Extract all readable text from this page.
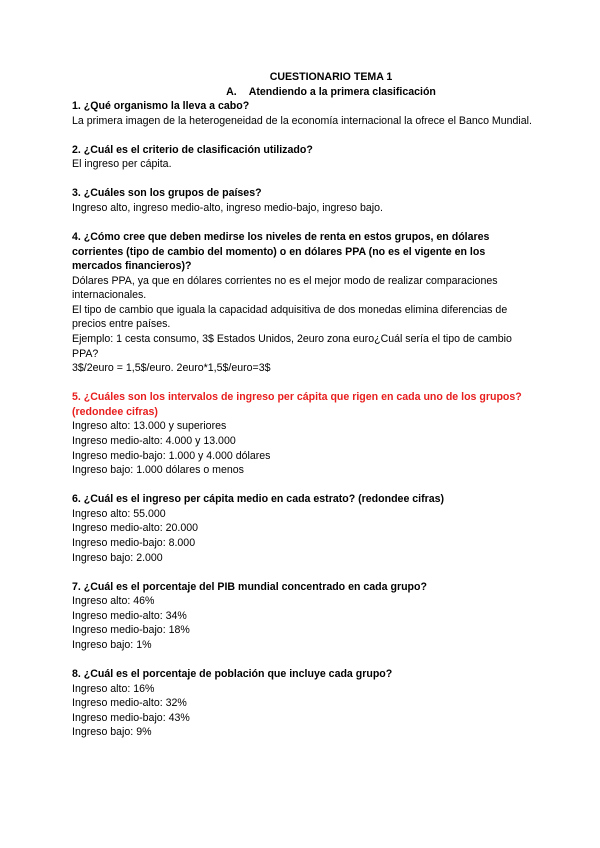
CUESTIONARIO TEMA 1
A. Atendiendo a la primera clasificación

1. ¿Qué organismo la lleva a cabo?

La primera imagen de la heterogeneidad de la economía internacional la ofrece el Banco Mundial.

2. ¿Cuál es el criterio de clasificación utilizado?

El ingreso per cápita.

3. ¿Cuáles son los grupos de países?

Ingreso alto, ingreso medio-alto, ingreso medio-bajo, ingreso bajo.

4. ¿Cómo cree que deben medirse los niveles de renta en estos grupos, en dólares corrientes (tipo de cambio del momento) o en dólares PPA (no es el vigente en los mercados financieros)?

Dólares PPA, ya que en dólares corrientes no es el mejor modo de realizar comparaciones internacionales.

El tipo de cambio que iguala la capacidad adquisitiva de dos monedas elimina diferencias de precios entre países.

Ejemplo: 1 cesta consumo, 3$ Estados Unidos, 2euro zona euro¿Cuál sería el tipo de cambio PPA?

3$/2euro = 1,5$/euro. 2euro*1,5$/euro=3$

5. ¿Cuáles son los intervalos de ingreso per cápita que rigen en cada uno de los grupos? (redondee cifras)

Ingreso alto: 13.000 y superiores

Ingreso medio-alto: 4.000 y 13.000

Ingreso medio-bajo: 1.000 y 4.000 dólares

Ingreso bajo: 1.000 dólares o menos

6. ¿Cuál es el ingreso per cápita medio en cada estrato? (redondee cifras)

Ingreso alto: 55.000

Ingreso medio-alto: 20.000

Ingreso medio-bajo: 8.000

Ingreso bajo: 2.000

7. ¿Cuál es el porcentaje del PIB mundial concentrado en cada grupo?

Ingreso alto: 46%

Ingreso medio-alto: 34%

Ingreso medio-bajo: 18%

Ingreso bajo: 1%

8. ¿Cuál es el porcentaje de población que incluye cada grupo?

Ingreso alto: 16%

Ingreso medio-alto: 32%

Ingreso medio-bajo: 43%

Ingreso bajo: 9%
